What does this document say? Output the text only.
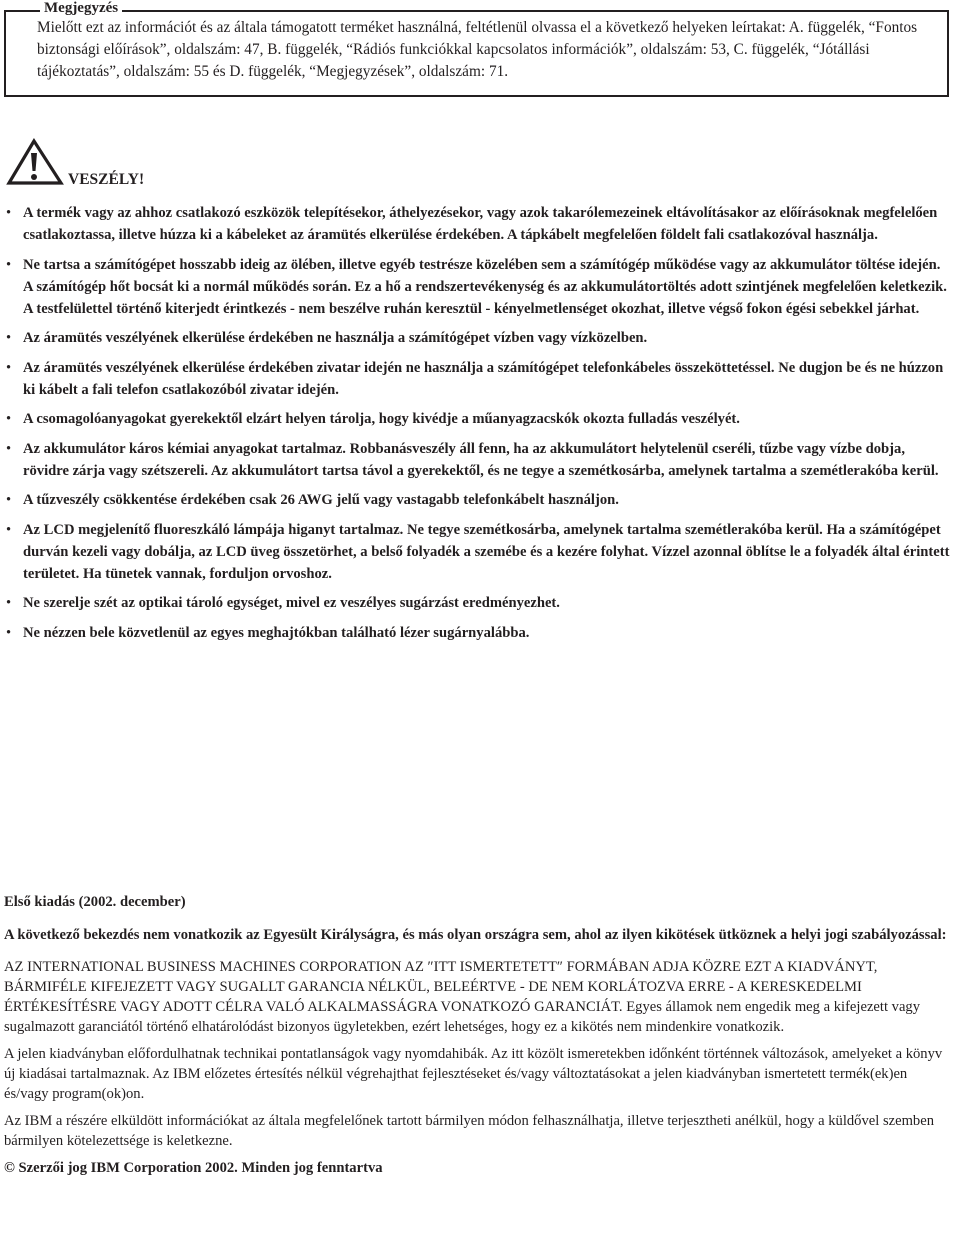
Megjegyzés
Mielőtt ezt az információt és az általa támogatott terméket használná, feltétlenül olvassa el a következő helyeken leírtakat: A. függelék, “Fontos biztonsági előírások”, oldalszám: 47, B. függelék, “Rádiós funkciókkal kapcsolatos információk”, oldalszám: 53, C. függelék, “Jótállási tájékoztatás”, oldalszám: 55 és D. függelék, “Megjegyzések”, oldalszám: 71.
VESZÉLY!
• A termék vagy az ahhoz csatlakozó eszközök telepítésekor, áthelyezésekor, vagy azok takarólemezeinek eltávolításakor az előírásoknak megfelelően csatlakoztassa, illetve húzza ki a kábeleket az áramütés elkerülése érdekében. A tápkábelt megfelelően földelt fali csatlakozóval használja.
• Ne tartsa a számítógépet hosszabb ideig az ölében, illetve egyéb testrésze közelében sem a számítógép működése vagy az akkumulátor töltése idején. A számítógép hőt bocsát ki a normál működés során. Ez a hő a rendszertevékenység és az akkumulátortöltés adott szintjének megfelelően keletkezik. A testfelülettel történő kiterjedt érintkezés - nem beszélve ruhán keresztül - kényelmetlenséget okozhat, illetve végső fokon égési sebekkel járhat.
• Az áramütés veszélyének elkerülése érdekében ne használja a számítógépet vízben vagy vízközelben.
• Az áramütés veszélyének elkerülése érdekében zivatar idején ne használja a számítógépet telefonkábeles összeköttetéssel. Ne dugjon be és ne húzzon ki kábelt a fali telefon csatlakozóból zivatar idején.
• A csomagolóanyagokat gyerekektől elzárt helyen tárolja, hogy kivédje a műanyagzacskók okozta fulladás veszélyét.
• Az akkumulátor káros kémiai anyagokat tartalmaz. Robbanásveszély áll fenn, ha az akkumulátort helytelenül cseréli, tűzbe vagy vízbe dobja, rövidre zárja vagy szétszereli. Az akkumulátort tartsa távol a gyerekektől, és ne tegye a szemétkosárba, amelynek tartalma a szemétlerakóba kerül.
• A tűzveszély csökkentése érdekében csak 26 AWG jelű vagy vastagabb telefonkábelt használjon.
• Az LCD megjelenítő fluoreszkáló lámpája higanyt tartalmaz. Ne tegye szemétkosárba, amelynek tartalma szemétlerakóba kerül. Ha a számítógépet durván kezeli vagy dobálja, az LCD üveg összetörhet, a belső folyadék a szemébe és a kezére folyhat. Vízzel azonnal öblítse le a folyadék által érintett területet. Ha tünetek vannak, forduljon orvoshoz.
• Ne szerelje szét az optikai tároló egységet, mivel ez veszélyes sugárzást eredményezhet.
• Ne nézzen bele közvetlenül az egyes meghajtókban található lézer sugárnyalábba.

Első kiadás (2002. december)

A következő bekezdés nem vonatkozik az Egyesült Királyságra, és más olyan országra sem, ahol az ilyen kikötések ütköznek a helyi jogi szabályozással:

AZ INTERNATIONAL BUSINESS MACHINES CORPORATION AZ ″ITT ISMERTETETT″ FORMÁBAN ADJA KÖZRE EZT A KIADVÁNYT, BÁRMIFÉLE KIFEJEZETT VAGY SUGALLT GARANCIA NÉLKÜL, BELEÉRTVE - DE NEM KORLÁTOZVA ERRE - A KERESKEDELMI ÉRTÉKESÍTÉSRE VAGY ADOTT CÉLRA VALÓ ALKALMASSÁGRA VONATKOZÓ GARANCIÁT. Egyes államok nem engedik meg a kifejezett vagy sugalmazott garanciától történő elhatárolódást bizonyos ügyletekben, ezért lehetséges, hogy ez a kikötés nem mindenkire vonatkozik.

A jelen kiadványban előfordulhatnak technikai pontatlanságok vagy nyomdahibák. Az itt közölt ismeretekben időnként történnek változások, amelyeket a könyv új kiadásai tartalmaznak. Az IBM előzetes értesítés nélkül végrehajthat fejlesztéseket és/vagy változtatásokat a jelen kiadványban ismertetett termék(ek)en és/vagy program(ok)on.

Az IBM a részére elküldött információkat az általa megfelelőnek tartott bármilyen módon felhasználhatja, illetve terjesztheti anélkül, hogy a küldővel szemben bármilyen kötelezettsége is keletkezne.

© Szerzői jog IBM Corporation 2002. Minden jog fenntartva
